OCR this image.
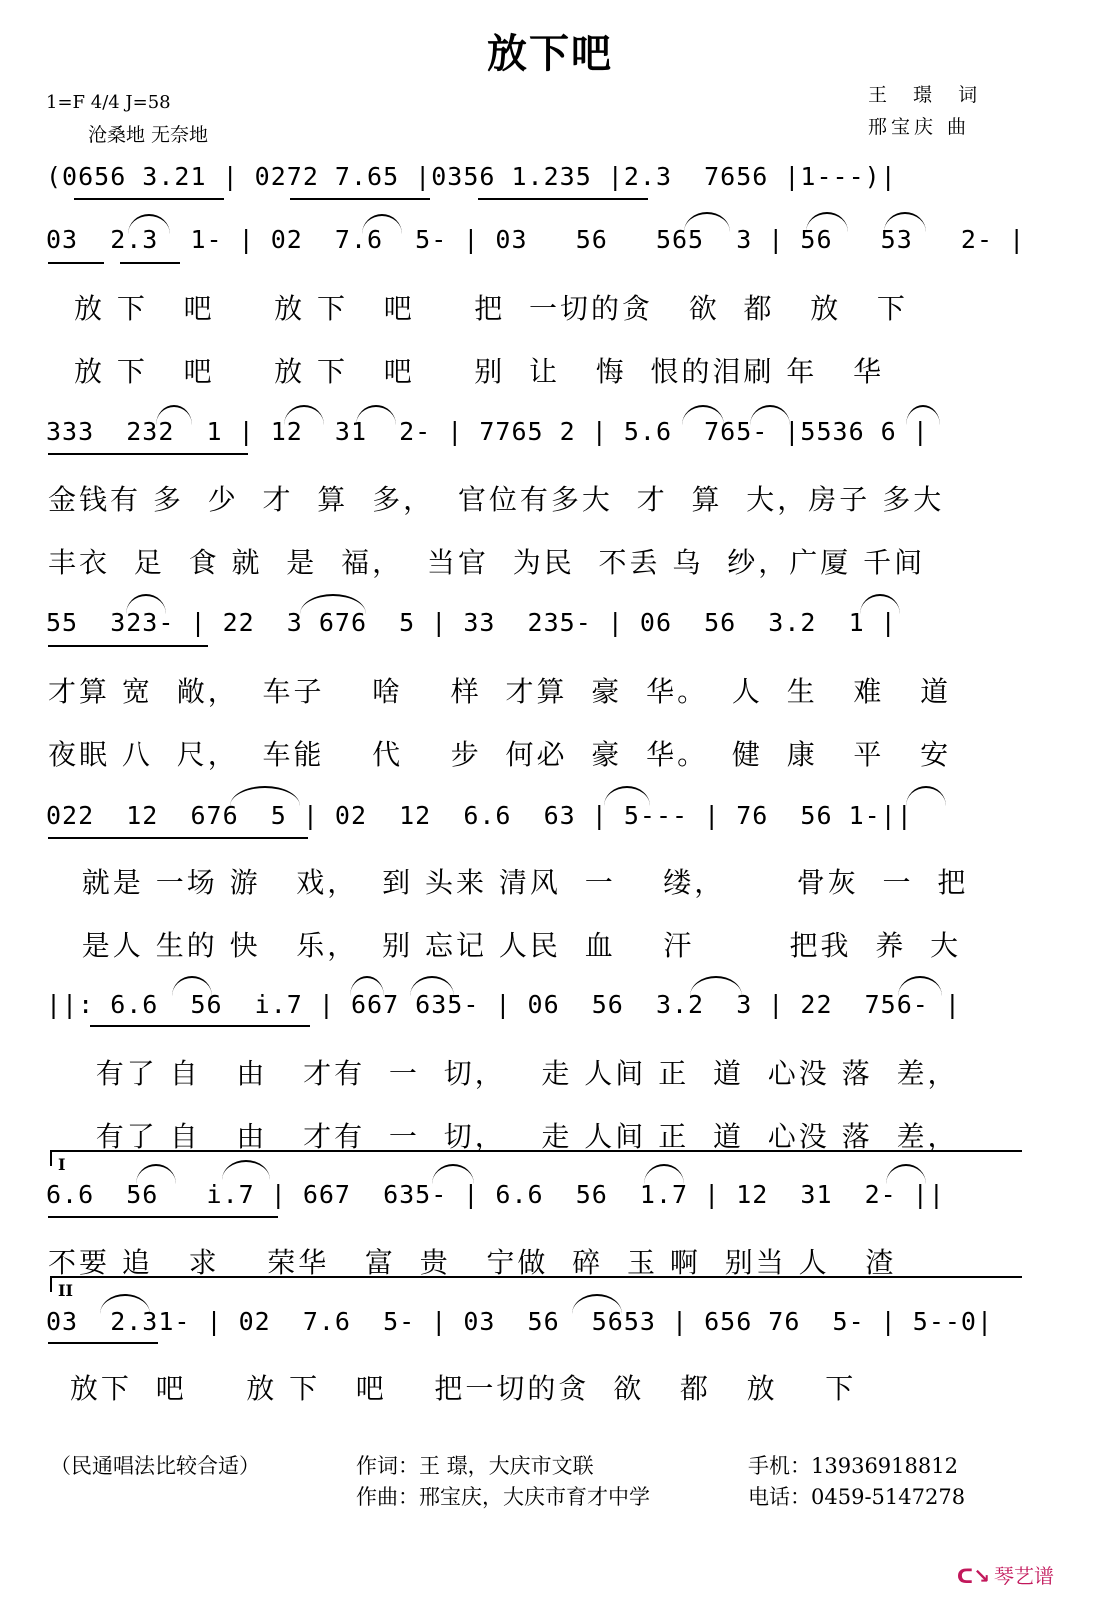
放下吧
1=F 4/4 J=58
沧桑地 无奈地
王 璟 词
邢宝庆 曲
(0656 3.21 | 0272 7.65 |0356 1.235 |2.3  7656 |1---)|
03  2.3  1- | 02  7.6  5- | 03   56   565  3 | 56   53   2- |
放 下   吧     放 下   吧     把  一切的贪   欲  都   放   下
放 下   吧     放 下   吧     别  让   悔  恨的泪刷 年   华
333  232  1 | 12  31  2- | 7765 2 | 5.6  765- |5536 6 |
金钱有 多  少  才  算  多，  官位有多大  才  算  大，房子 多大
丰衣  足  食 就  是  福，  当官  为民  不丢 乌  纱，广厦 千间
55  323- | 22  3 676  5 | 33  235- | 06  56  3.2  1 |
才算 宽  敞，  车子    啥    样  才算  豪  华。  人  生   难   道
夜眠 八  尺，  车能    代    步  何必  豪  华。  健  康   平   安
022  12  676  5 | 02  12  6.6  63 | 5--- | 76  56 1-||
就是 一场 游   戏，  到 头来 清风  一    缕，      骨灰  一  把
是人 生的 快   乐，  别 忘记 人民  血    汗        把我  养  大
||: 6.6  56  i.7 | 667 635- | 06  56  3.2  3 | 22  756- |
有了 自   由   才有  一  切，   走 人间 正  道  心没 落  差，
有了 自   由   才有  一  切，   走 人间 正  道  心没 落  差，
I
6.6  56   i.7 | 667  635- | 6.6  56  1.7 | 12  31  2- ||
不要 追   求    荣华   富  贵   宁做  碎  玉 啊  别当 人   渣
II
03  2.31- | 02  7.6  5- | 03  56  5653 | 656 76  5- | 5--0|
放下  吧     放 下   吧    把一切的贪  欲   都   放    下
（民通唱法比较合适）	作词：王 璟，大庆市文联
作曲：邢宝庆，大庆市育才中学
手机：13936918812
电话：0459-5147278
ᑕ↘ 琴艺谱
